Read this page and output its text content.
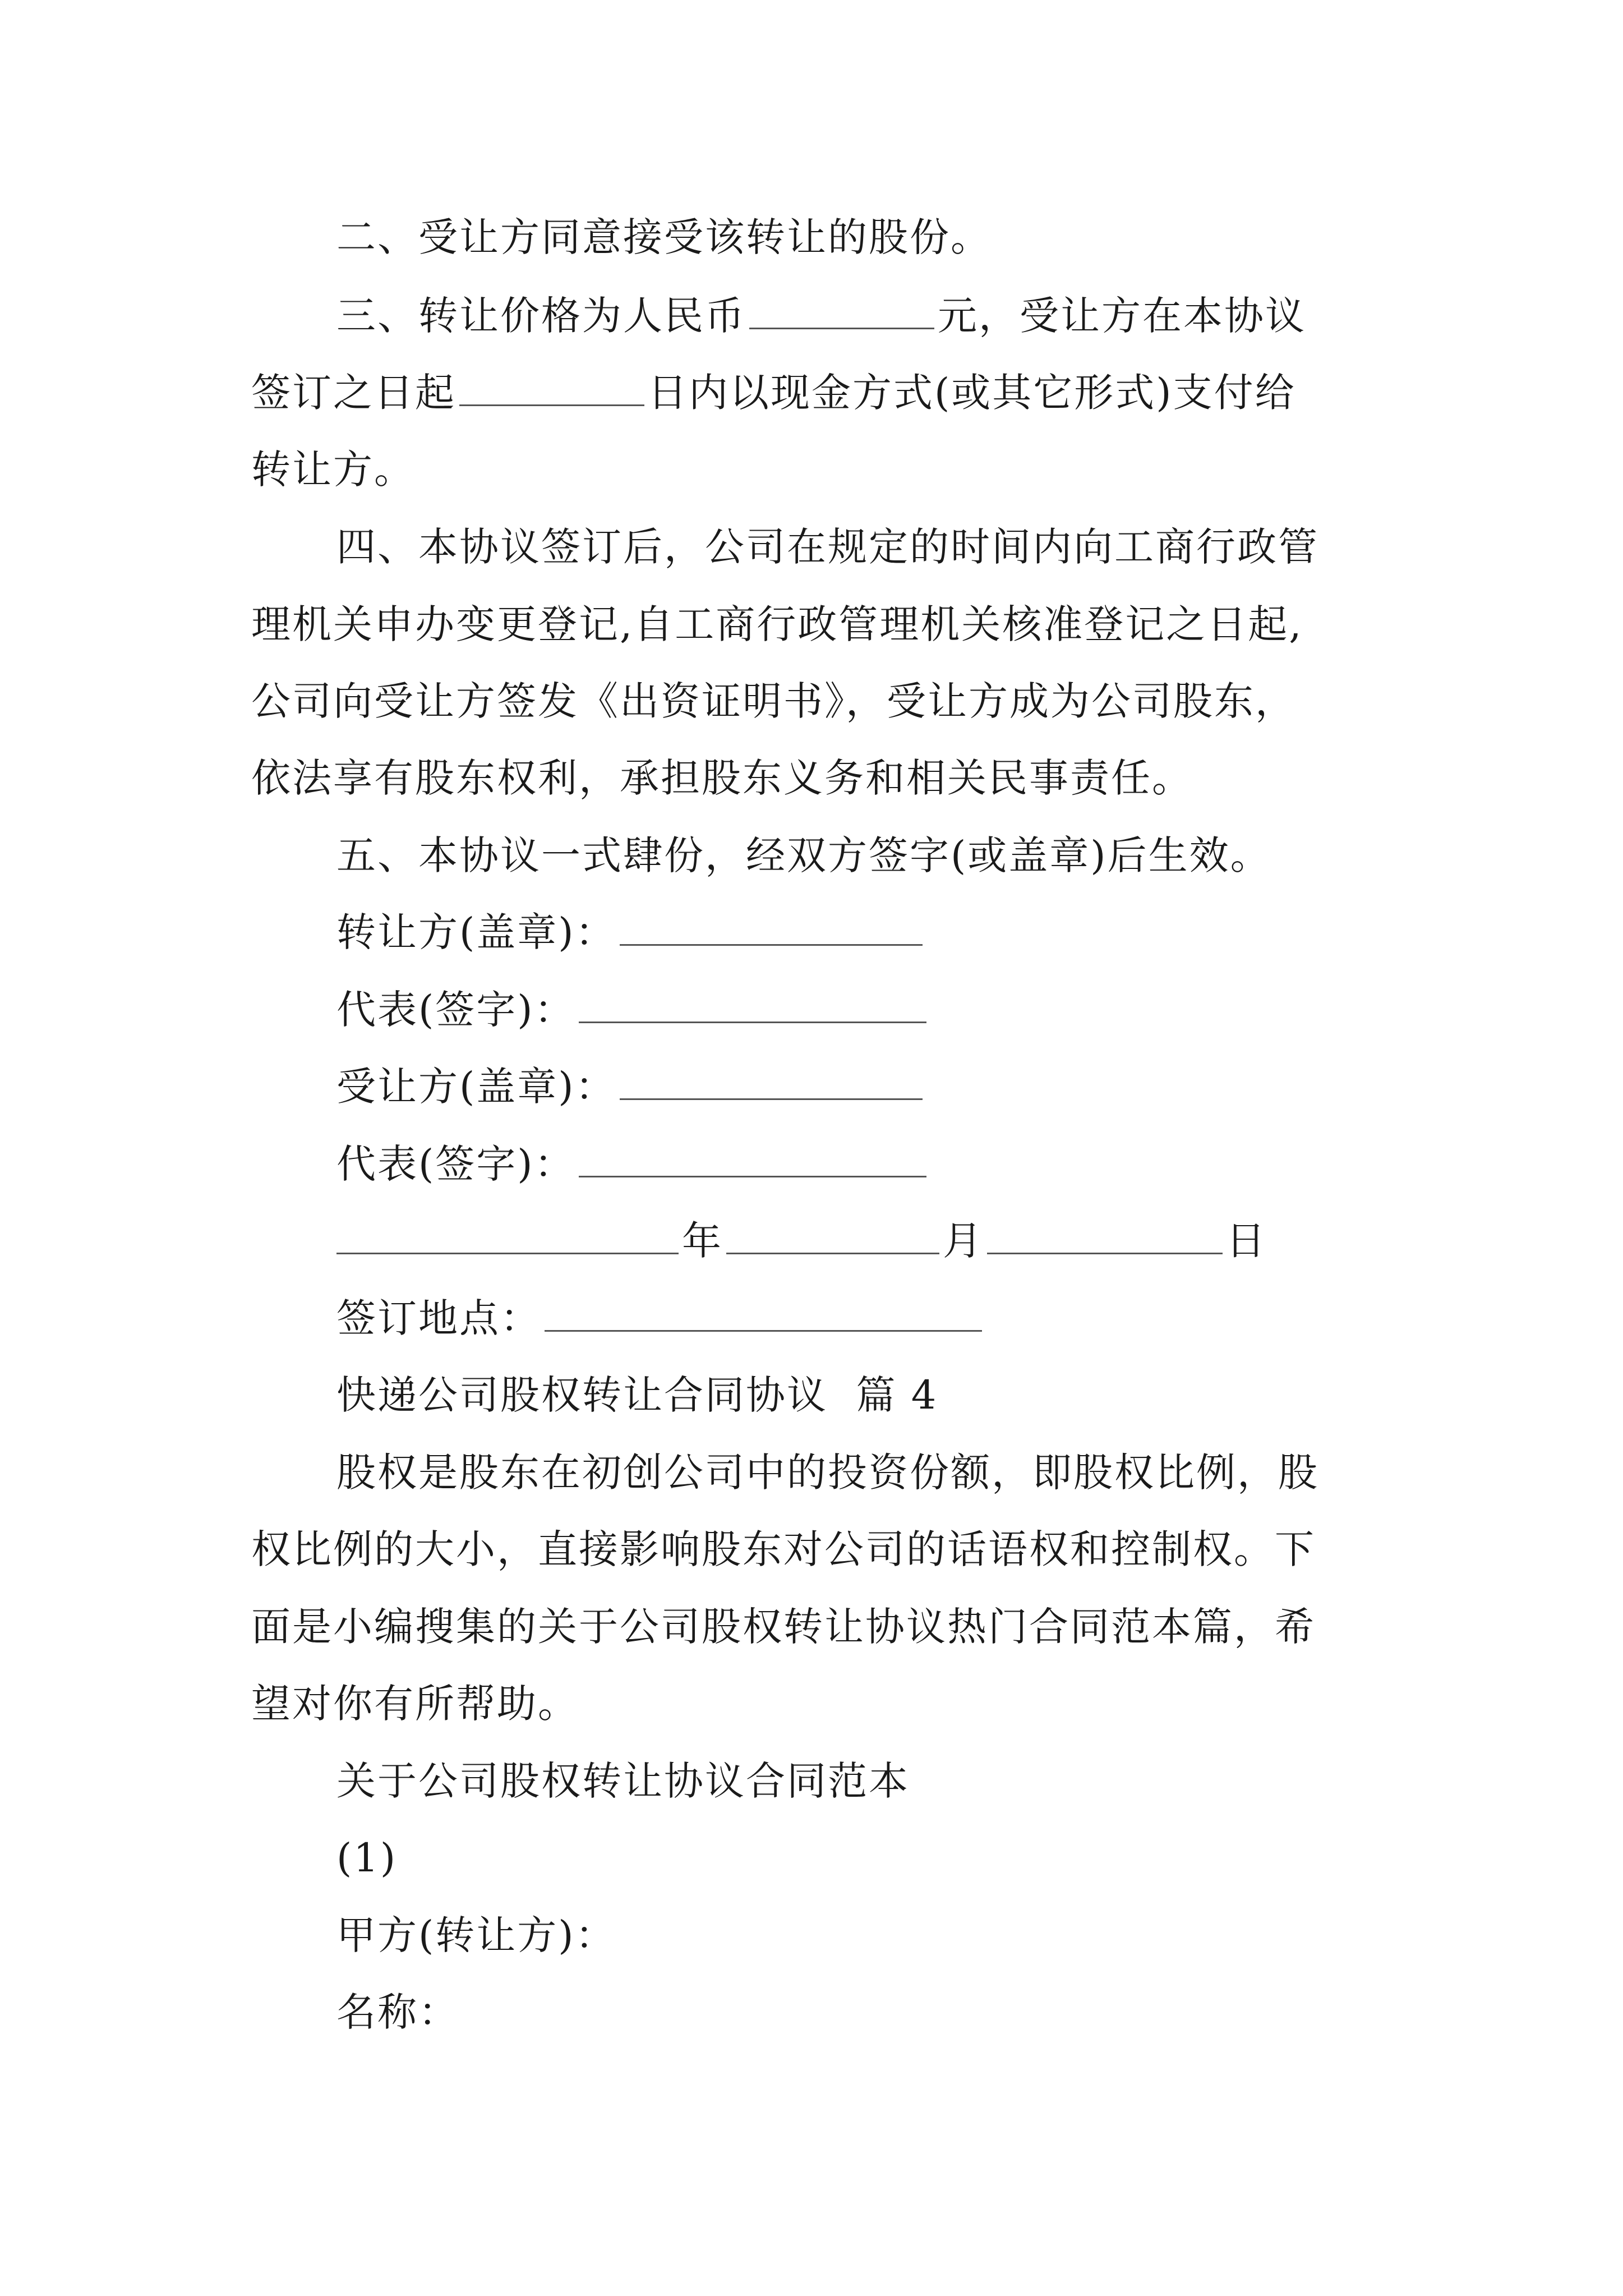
二、受让方同意接受该转让的股份。
三、转让价格为人民币	元，受让方在本协议
签订之日起	日内以现金方式(或其它形式)支付给
转让方。
四、本协议签订后，公司在规定的时间内向工商行政管
理机关申办变更登记,自工商行政管理机关核准登记之日起,
公司向受让方签发《出资证明书》，受让方成为公司股东，
依法享有股东权利，承担股东义务和相关民事责任。
五、本协议一式肆份，经双方签字(或盖章)后生效。
转让方(盖章)：
代表(签字)：
受让方(盖章)：
代表(签字)：
年	月	日
签订地点：
快递公司股权转让合同协议  篇 4
股权是股东在初创公司中的投资份额，即股权比例，股
权比例的大小，直接影响股东对公司的话语权和控制权。下
面是小编搜集的关于公司股权转让协议热门合同范本篇，希
望对你有所帮助。
关于公司股权转让协议合同范本
(1)
甲方(转让方)：
名称：
